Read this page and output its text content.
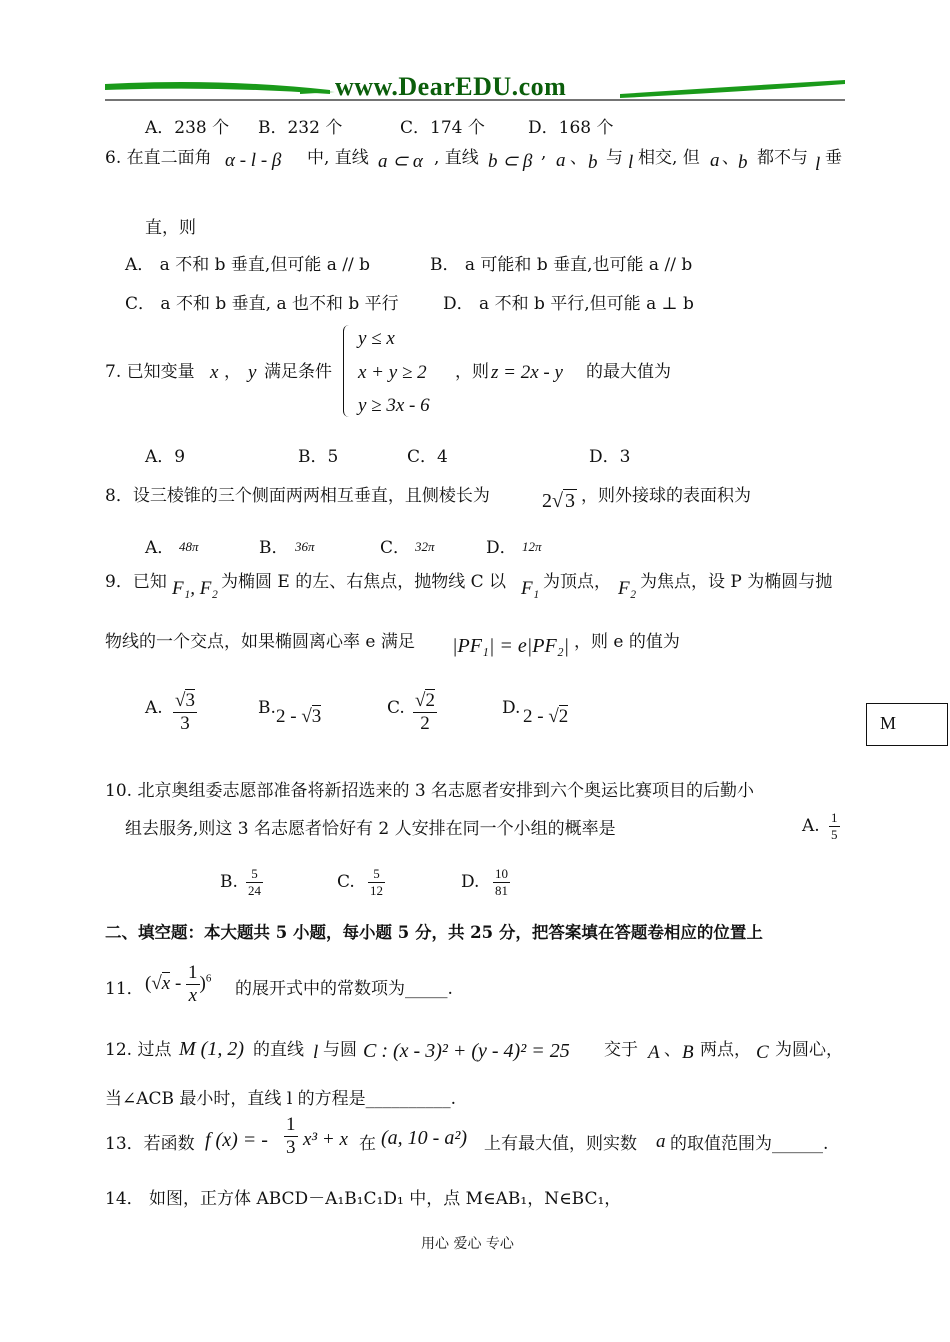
www.DearEDU.com
A．238 个 B．232 个	C．174 个	D．168 个
6. 在直二面角 α - l - β 中, 直线 a ⊂ α , 直线 b ⊂ β , a 、 b 与 l 相交, 但 a 、 b 都不与 l 垂
直，则
A． a 不和 b 垂直,但可能 a // b	B． a 可能和 b 垂直,也可能 a // b
C． a 不和 b 垂直, a 也不和 b 平行	D． a 不和 b 平行,但可能 a ⊥ b
7. 已知变量 x ， y 满足条件
y ≤ x
x + y ≥ 2
y ≥ 3x - 6
，则 z = 2x - y 的最大值为
A．9	B．5	C．4	D．3
8．设三棱锥的三个侧面两两相互垂直，且侧棱长为	2√ 3 ，则外接球的表面积为
A． 48π	B． 36π	C． 32π	D． 12π
9．已知 F₁, F₂ 为椭圆 E 的左、右焦点，抛物线 C 以 F₁ 为顶点， F₂ 为焦点，设 P 为椭圆与抛
物线的一个交点，如果椭圆离心率 e 满足 |PF₁| = e|PF₂| ，则 e 的值为
A. $\frac{√3}{3}$	B. 2 - √3	C. $\frac{√2}{2}$	D. 2 - √2	M
10. 北京奥组委志愿部准备将新招选来的 3 名志愿者安排到六个奥运比赛项目的后勤小
组去服务,则这 3 名志愿者恰好有 2 人安排在同一个小组的概率是	A. $\frac{1}{5}$
B. $\frac{5}{24}$	C. $\frac{5}{12}$	D. $\frac{10}{81}$
二、填空题：本大题共 5 小题，每小题 5 分，共 25 分，把答案填在答题卷相应的位置上
11． $(√x - \frac{1}{x} )^6$
的展开式中的常数项为_____.
12. 过点 M (1, 2) 的直线 l 与圆 C : (x - 3)² + (y - 4)² = 25 交于 A 、 B 两点， C 为圆心，
当∠ACB 最小时，直线 l 的方程是__________.
13．若函数 f (x) = - $\frac{1}{3} x^3 + x$ 在 (a, 10 - a²) 上有最大值，则实数 a 的取值范围为______.
14． 如图，正方体 ABCD－A₁B₁C₁D₁ 中，点 M∈AB₁，N∈BC₁，
用心 爱心 专心
